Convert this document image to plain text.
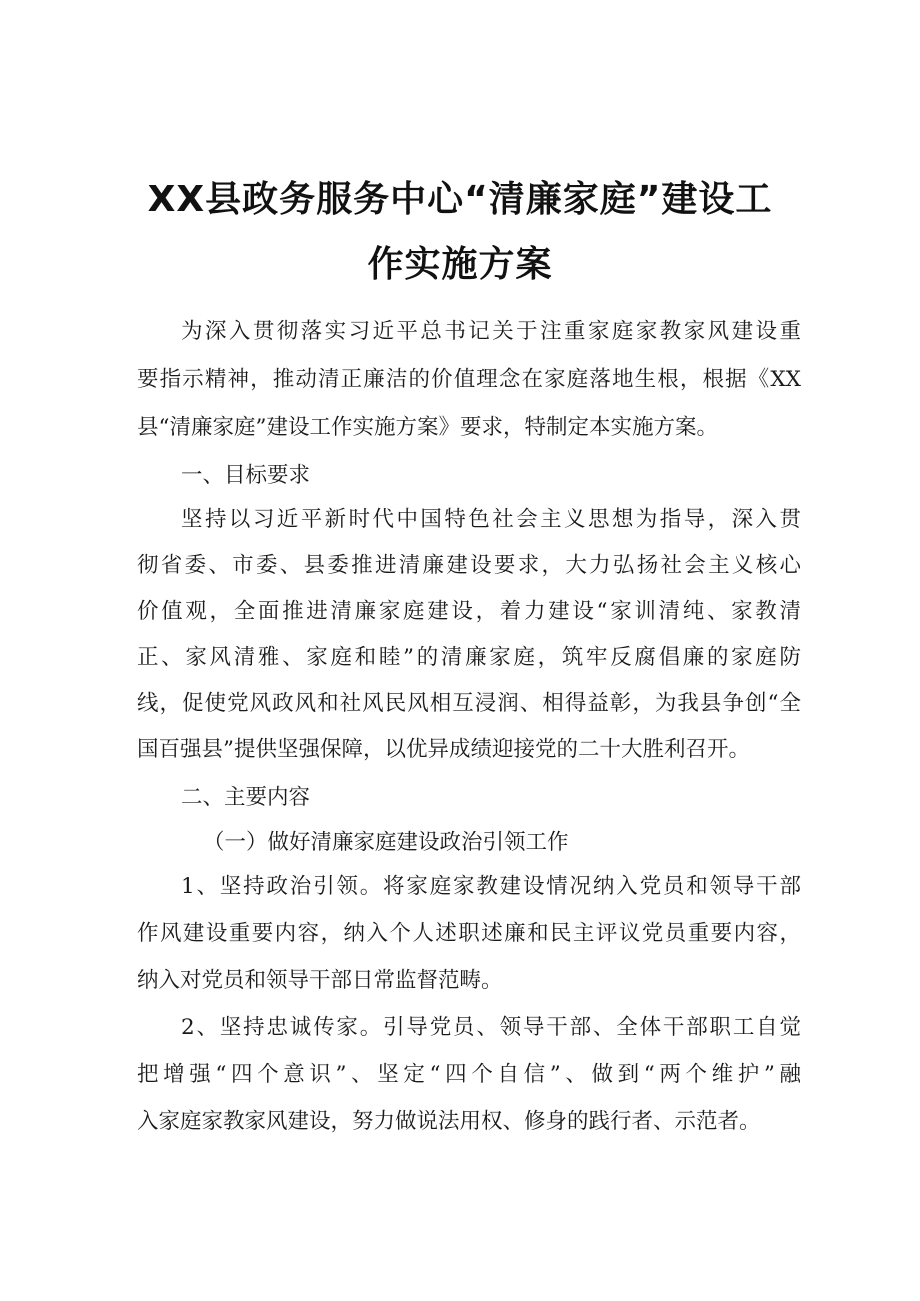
XX县政务服务中心“清廉家庭”建设工
作实施方案
为深入贯彻落实习近平总书记关于注重家庭家教家风建设重
要指示精神，推动清正廉洁的价值理念在家庭落地生根，根据《XX
县“清廉家庭”建设工作实施方案》要求，特制定本实施方案。
一、目标要求
坚持以习近平新时代中国特色社会主义思想为指导，深入贯
彻省委、市委、县委推进清廉建设要求，大力弘扬社会主义核心
价值观，全面推进清廉家庭建设，着力建设“家训清纯、家教清
正、家风清雅、家庭和睦”的清廉家庭，筑牢反腐倡廉的家庭防
线，促使党风政风和社风民风相互浸润、相得益彰，为我县争创“全
国百强县”提供坚强保障，以优异成绩迎接党的二十大胜利召开。
二、主要内容
（一）做好清廉家庭建设政治引领工作
1、坚持政治引领。将家庭家教建设情况纳入党员和领导干部
作风建设重要内容，纳入个人述职述廉和民主评议党员重要内容，
纳入对党员和领导干部日常监督范畴。
2、坚持忠诚传家。引导党员、领导干部、全体干部职工自觉
把增强“四个意识”、坚定“四个自信”、做到“两个维护”融
入家庭家教家风建设，努力做说法用权、修身的践行者、示范者。
